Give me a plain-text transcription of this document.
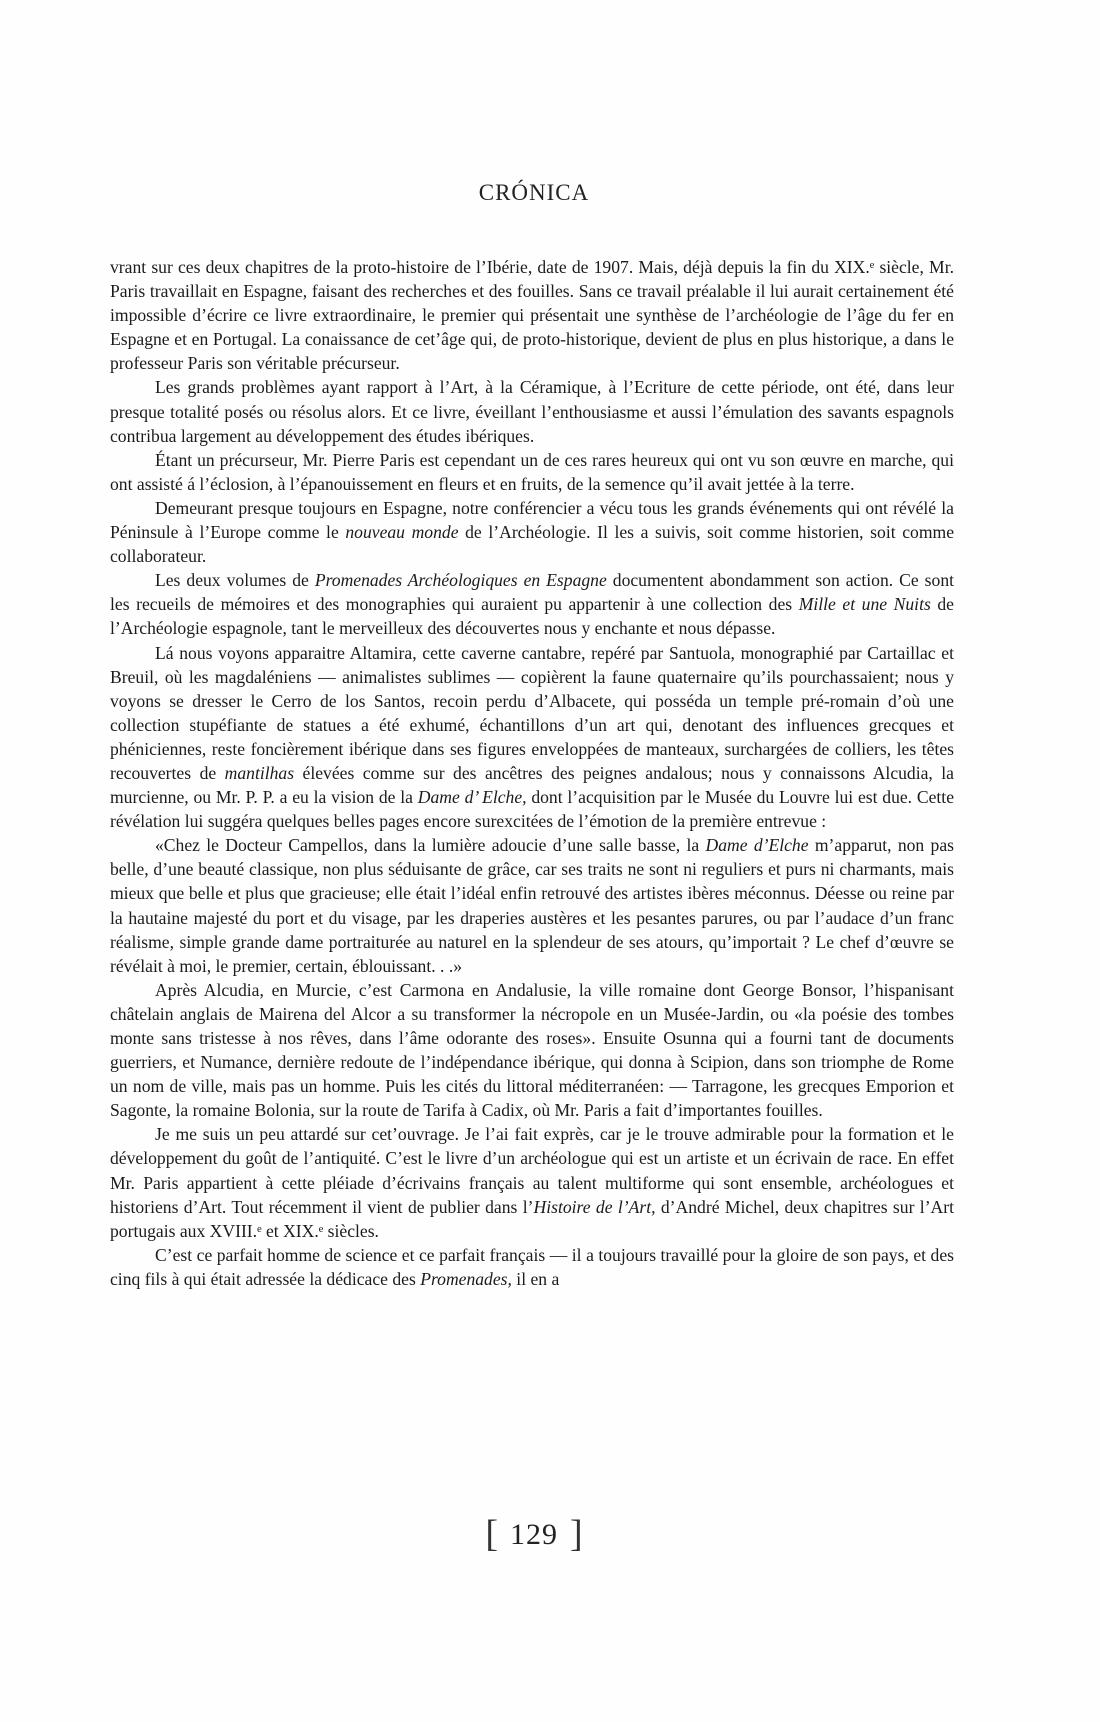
CRÓNICA

vrant sur ces deux chapitres de la proto-histoire de l’Ibérie, date de 1907. Mais, déjà depuis la fin du XIX.ᵉ siècle, Mr. Paris travaillait en Espagne, faisant des recherches et des fouilles. Sans ce travail préalable il lui aurait certainement été impossible d’écrire ce livre extraordinaire, le premier qui présentait une synthèse de l’archéologie de l’âge du fer en Espagne et en Portugal. La conaissance de cet’âge qui, de proto-historique, devient de plus en plus historique, a dans le professeur Paris son véritable précurseur.

Les grands problèmes ayant rapport à l’Art, à la Céramique, à l’Ecriture de cette période, ont été, dans leur presque totalité posés ou résolus alors. Et ce livre, éveillant l’enthousiasme et aussi l’émulation des savants espagnols contribua largement au développement des études ibériques.

Étant un précurseur, Mr. Pierre Paris est cependant un de ces rares heureux qui ont vu son œuvre en marche, qui ont assisté á l’éclosion, à l’épanouissement en fleurs et en fruits, de la semence qu’il avait jettée à la terre.

Demeurant presque toujours en Espagne, notre conférencier a vécu tous les grands événements qui ont révélé la Péninsule à l’Europe comme le nouveau monde de l’Archéologie. Il les a suivis, soit comme historien, soit comme collaborateur.

Les deux volumes de Promenades Archéologiques en Espagne documentent abondamment son action. Ce sont les recueils de mémoires et des monographies qui auraient pu appartenir à une collection des Mille et une Nuits de l’Archéologie espagnole, tant le merveilleux des découvertes nous y enchante et nous dépasse.

Lá nous voyons apparaitre Altamira, cette caverne cantabre, repéré par Santuola, monographié par Cartaillac et Breuil, où les magdaléniens — animalistes sublimes — copièrent la faune quaternaire qu’ils pourchassaient; nous y voyons se dresser le Cerro de los Santos, recoin perdu d’Albacete, qui posséda un temple pré-romain d’où une collection stupéfiante de statues a été exhumé, échantillons d’un art qui, denotant des influences grecques et phéniciennes, reste foncièrement ibérique dans ses figures enveloppées de manteaux, surchargées de colliers, les têtes recouvertes de mantilhas élevées comme sur des ancêtres des peignes andalous; nous y connaissons Alcudia, la murcienne, ou Mr. P. P. a eu la vision de la Dame d’ Elche, dont l’acquisition par le Musée du Louvre lui est due. Cette révélation lui suggéra quelques belles pages encore surexcitées de l’émotion de la première entrevue :

«Chez le Docteur Campellos, dans la lumière adoucie d’une salle basse, la Dame d’Elche m’apparut, non pas belle, d’une beauté classique, non plus séduisante de grâce, car ses traits ne sont ni reguliers et purs ni charmants, mais mieux que belle et plus que gracieuse; elle était l’idéal enfin retrouvé des artistes ibères méconnus. Déesse ou reine par la hautaine majesté du port et du visage, par les draperies austères et les pesantes parures, ou par l’audace d’un franc réalisme, simple grande dame portraiturée au naturel en la splendeur de ses atours, qu’importait ? Le chef d’œuvre se révélait à moi, le premier, certain, éblouissant. . .»

Après Alcudia, en Murcie, c’est Carmona en Andalusie, la ville romaine dont George Bonsor, l’hispanisant châtelain anglais de Mairena del Alcor a su transformer la nécropole en un Musée-Jardin, ou «la poésie des tombes monte sans tristesse à nos rêves, dans l’âme odorante des roses». Ensuite Osunna qui a fourni tant de documents guerriers, et Numance, dernière redoute de l’indépendance ibérique, qui donna à Scipion, dans son triomphe de Rome un nom de ville, mais pas un homme. Puis les cités du littoral méditerranéen: — Tarragone, les grecques Emporion et Sagonte, la romaine Bolonia, sur la route de Tarifa à Cadix, où Mr. Paris a fait d’importantes fouilles.

Je me suis un peu attardé sur cet’ouvrage. Je l’ai fait exprès, car je le trouve admirable pour la formation et le développement du goût de l’antiquité. C’est le livre d’un archéologue qui est un artiste et un écrivain de race. En effet Mr. Paris appartient à cette pléiade d’écrivains français au talent multiforme qui sont ensemble, archéologues et historiens d’Art. Tout récemment il vient de publier dans l’Histoire de l’Art, d’André Michel, deux chapitres sur l’Art portugais aux XVIII.ᵉ et XIX.ᵉ siècles.

C’est ce parfait homme de science et ce parfait français — il a toujours travaillé pour la gloire de son pays, et des cinq fils à qui était adressée la dédicace des Promenades, il en a

[ 129 ]
